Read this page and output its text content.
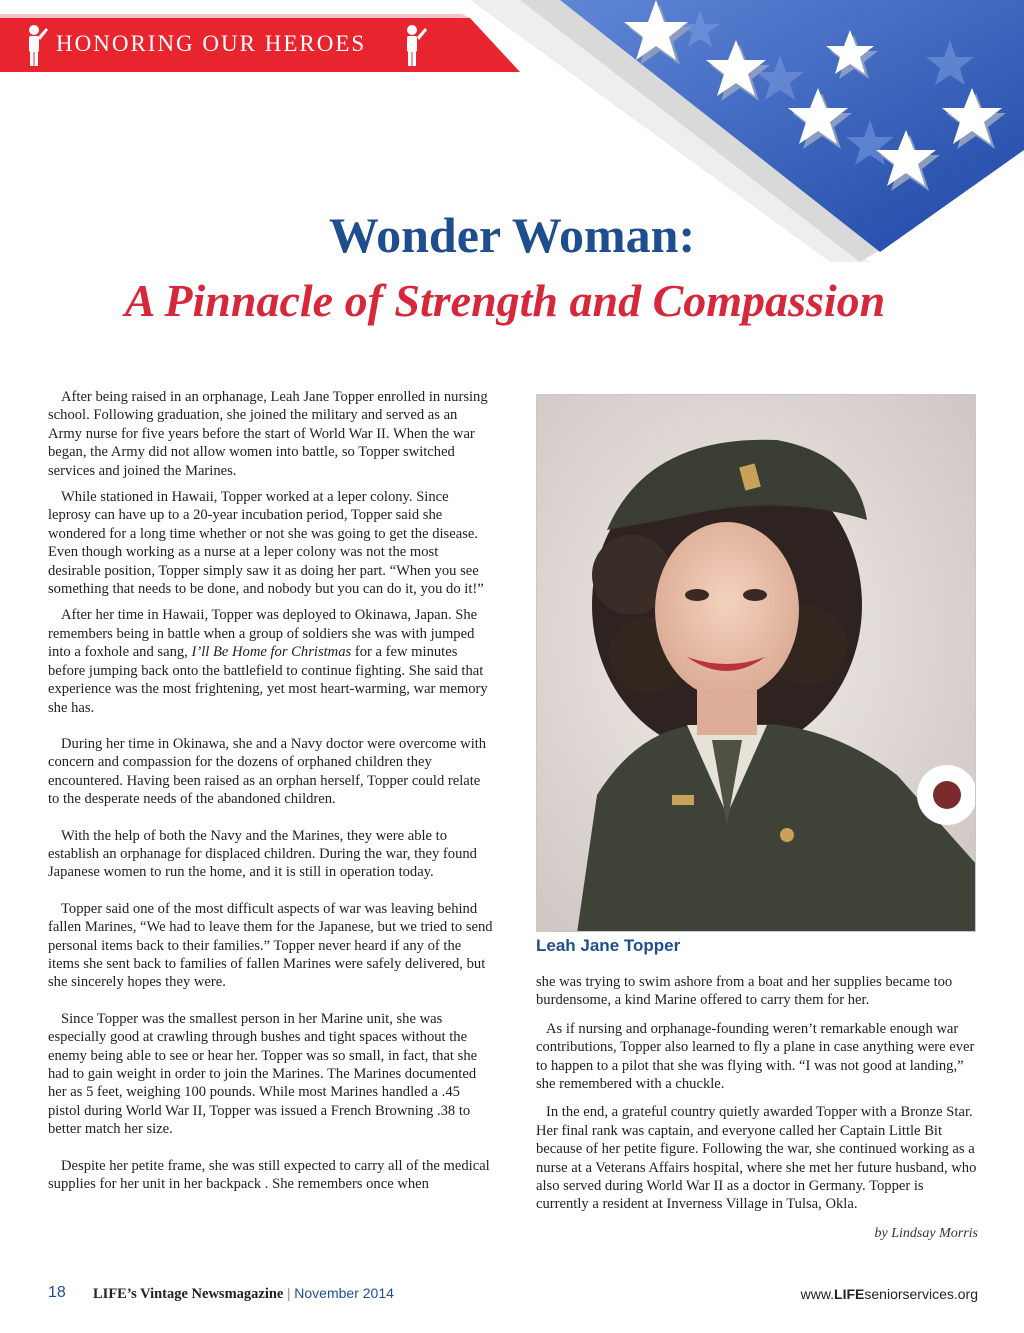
HONORING OUR HEROES
Wonder Woman:
A Pinnacle of Strength and Compassion

After being raised in an orphanage, Leah Jane Topper enrolled in nursing school. Following graduation, she joined the military and served as an Army nurse for five years before the start of World War II. When the war began, the Army did not allow women into battle, so Topper switched services and joined the Marines.

While stationed in Hawaii, Topper worked at a leper colony. Since leprosy can have up to a 20-year incubation period, Topper said she wondered for a long time whether or not she was going to get the disease. Even though working as a nurse at a leper colony was not the most desirable position, Topper simply saw it as doing her part. “When you see something that needs to be done, and nobody but you can do it, you do it!”

After her time in Hawaii, Topper was deployed to Okinawa, Japan. She remembers being in battle when a group of soldiers she was with jumped into a foxhole and sang, I’ll Be Home for Christmas for a few minutes before jumping back onto the battlefield to continue fighting. She said that experience was the most frightening, yet most heart-warming, war memory she has.

During her time in Okinawa, she and a Navy doctor were overcome with concern and compassion for the dozens of orphaned children they encountered. Having been raised as an orphan herself, Topper could relate to the desperate needs of the abandoned children.

With the help of both the Navy and the Marines, they were able to establish an orphanage for displaced children. During the war, they found Japanese women to run the home, and it is still in operation today.

Topper said one of the most difficult aspects of war was leaving behind fallen Marines, “We had to leave them for the Japanese, but we tried to send personal items back to their families.” Topper never heard if any of the items she sent back to families of fallen Marines were safely delivered, but she sincerely hopes they were.

Since Topper was the smallest person in her Marine unit, she was especially good at crawling through bushes and tight spaces without the enemy being able to see or hear her. Topper was so small, in fact, that she had to gain weight in order to join the Marines. The Marines documented her as 5 feet, weighing 100 pounds. While most Marines handled a .45 pistol during World War II, Topper was issued a French Browning .38 to better match her size.

Despite her petite frame, she was still expected to carry all of the medical supplies for her unit in her backpack . She remembers once when

Leah Jane Topper

she was trying to swim ashore from a boat and her supplies became too burdensome, a kind Marine offered to carry them for her.

As if nursing and orphanage-founding weren’t remarkable enough war contributions, Topper also learned to fly a plane in case anything were ever to happen to a pilot that she was flying with. “I was not good at landing,” she remembered with a chuckle.

In the end, a grateful country quietly awarded Topper with a Bronze Star. Her final rank was captain, and everyone called her Captain Little Bit because of her petite figure. Following the war, she continued working as a nurse at a Veterans Affairs hospital, where she met her future husband, who also served during World War II as a doctor in Germany. Topper is currently a resident at Inverness Village in Tulsa, Okla.

by Lindsay Morris
18 LIFE’s Vintage Newsmagazine | November 2014	www.LIFEseniorservices.org
